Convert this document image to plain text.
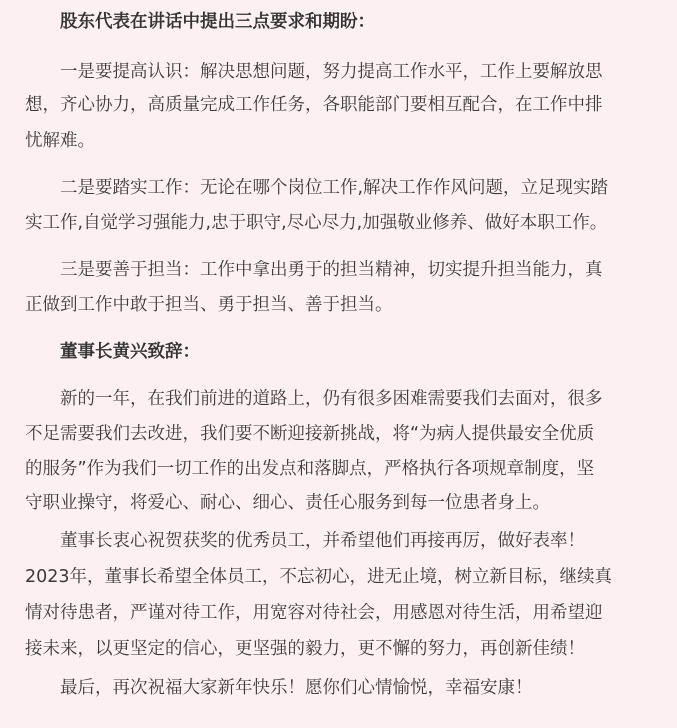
股东代表在讲话中提出三点要求和期盼：
一是要提高认识：解决思想问题，努力提高工作水平，工作上要解放思
想，齐心协力，高质量完成工作任务，各职能部门要相互配合，在工作中排
忧解难。
二是要踏实工作：无论在哪个岗位工作,解决工作作风问题，立足现实踏
实工作,自觉学习强能力,忠于职守,尽心尽力,加强敬业修养、做好本职工作。
三是要善于担当：工作中拿出勇于的担当精神，切实提升担当能力，真
正做到工作中敢于担当、勇于担当、善于担当。
董事长黄兴致辞：
新的一年，在我们前进的道路上，仍有很多困难需要我们去面对，很多
不足需要我们去改进，我们要不断迎接新挑战，将“为病人提供最安全优质
的服务”作为我们一切工作的出发点和落脚点，严格执行各项规章制度，坚
守职业操守，将爱心、耐心、细心、责任心服务到每一位患者身上。
董事长衷心祝贺获奖的优秀员工，并希望他们再接再厉，做好表率！
2023年，董事长希望全体员工，不忘初心，进无止境，树立新目标，继续真
情对待患者，严谨对待工作，用宽容对待社会，用感恩对待生活，用希望迎
接未来，以更坚定的信心，更坚强的毅力，更不懈的努力，再创新佳绩！
最后，再次祝福大家新年快乐！愿你们心情愉悦，幸福安康！
